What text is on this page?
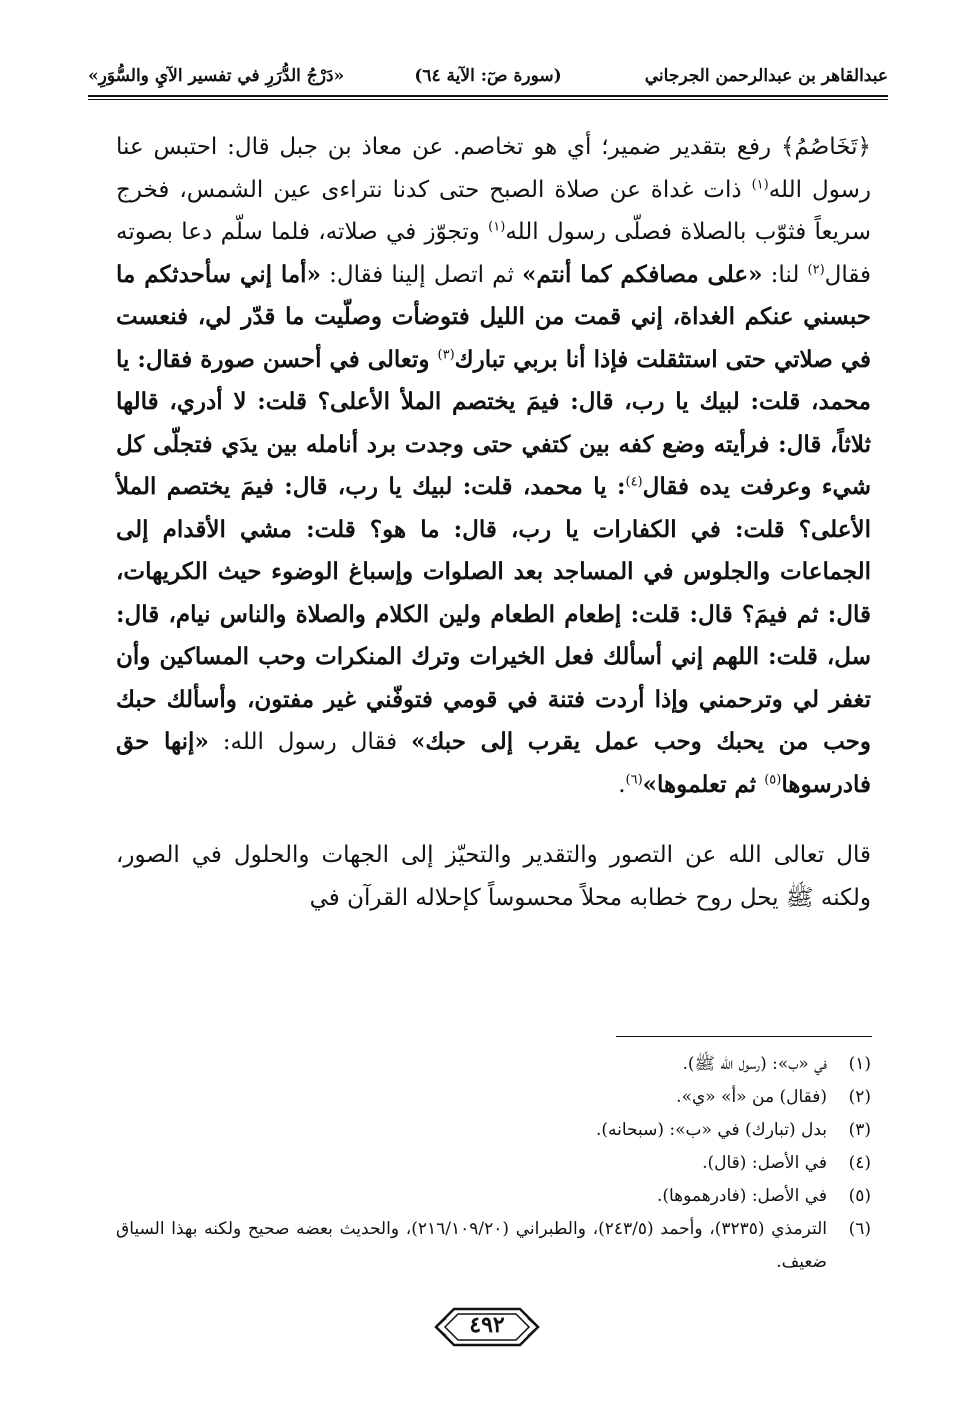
عبدالقاهر بن عبدالرحمن الجرجاني
(سورة صٓ: الآية ٦٤)
«دَرْجُ الدُّرَرِ في تفسير الآيِ والسُّوَرِ»

﴿تَخَاصُمُ﴾ رفع بتقدير ضمير؛ أي هو تخاصم. عن معاذ بن جبل قال: احتبس عنا رسول الله$^{(١)}$ ذات غداة عن صلاة الصبح حتى كدنا نتراءى عين الشمس، فخرج سريعاً فثوّب بالصلاة فصلّى رسول الله$^{(١)}$ وتجوّز في صلاته، فلما سلّم دعا بصوته فقال$^{(٢)}$ لنا: «على مصافكم كما أنتم» ثم اتصل إلينا فقال: «أما إني سأحدثكم ما حبسني عنكم الغداة، إني قمت من الليل فتوضأت وصلّيت ما قدّر لي، فنعست في صلاتي حتى استثقلت فإذا أنا بربي تبارك$^{(٣)}$ وتعالى في أحسن صورة فقال: يا محمد، قلت: لبيك يا رب، قال: فيمَ يختصم الملأ الأعلى؟ قلت: لا أدري، قالها ثلاثاً، قال: فرأيته وضع كفه بين كتفي حتى وجدت برد أنامله بين يدَي فتجلّى كل شيء وعرفت يده فقال$^{(٤)}$: يا محمد، قلت: لبيك يا رب، قال: فيمَ يختصم الملأ الأعلى؟ قلت: في الكفارات يا رب، قال: ما هو؟ قلت: مشي الأقدام إلى الجماعات والجلوس في المساجد بعد الصلوات وإسباغ الوضوء حيث الكريهات، قال: ثم فيمَ؟ قال: قلت: إطعام الطعام ولين الكلام والصلاة والناس نيام، قال: سل، قلت: اللهم إني أسألك فعل الخيرات وترك المنكرات وحب المساكين وأن تغفر لي وترحمني وإذا أردت فتنة في قومي فتوفّني غير مفتون، وأسألك حبك وحب من يحبك وحب عمل يقرب إلى حبك» فقال رسول الله: «إنها حق فادرسوها$^{(٥)}$ ثم تعلموها»$^{(٦)}$.

قال تعالى الله عن التصور والتقدير والتحيّز إلى الجهات والحلول في الصور، ولكنه ﷺ يحل روح خطابه محلاً محسوساً كإحلاله القرآن في
(١)
في «ب»: (رسول الله ﷺ).
(٢)
(فقال) من «أ» «ي».
(٣)
بدل (تبارك) في «ب»: (سبحانه).
(٤)
في الأصل: (قال).
(٥)
في الأصل: (فادرهموها).
(٦)
الترمذي (٣٢٣٥)، وأحمد (٢٤٣/٥)، والطبراني (٢١٦/١٠٩/٢٠)، والحديث بعضه صحيح ولكنه بهذا السياق ضعيف.
٤٩٢
